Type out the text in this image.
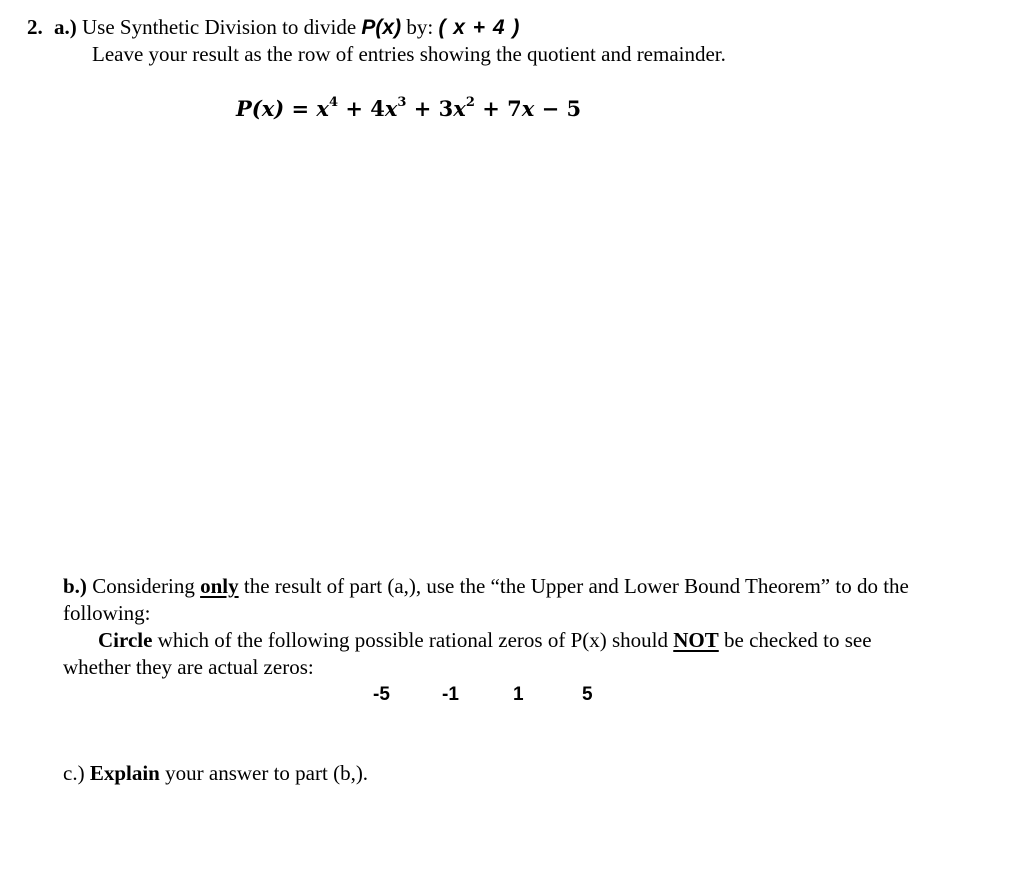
2. a.) Use Synthetic Division to divide P(x) by: ( x + 4 )
Leave your result as the row of entries showing the quotient and remainder.
$P(x) = x^4 + 4x^3 + 3x^2 + 7x - 5$
b.) Considering only the result of part (a,), use the “the Upper and Lower Bound Theorem” to do the
following:
Circle which of the following possible rational zeros of P(x) should NOT be checked to see
whether they are actual zeros:
-5	-1	1	5
c.) Explain your answer to part (b,).
